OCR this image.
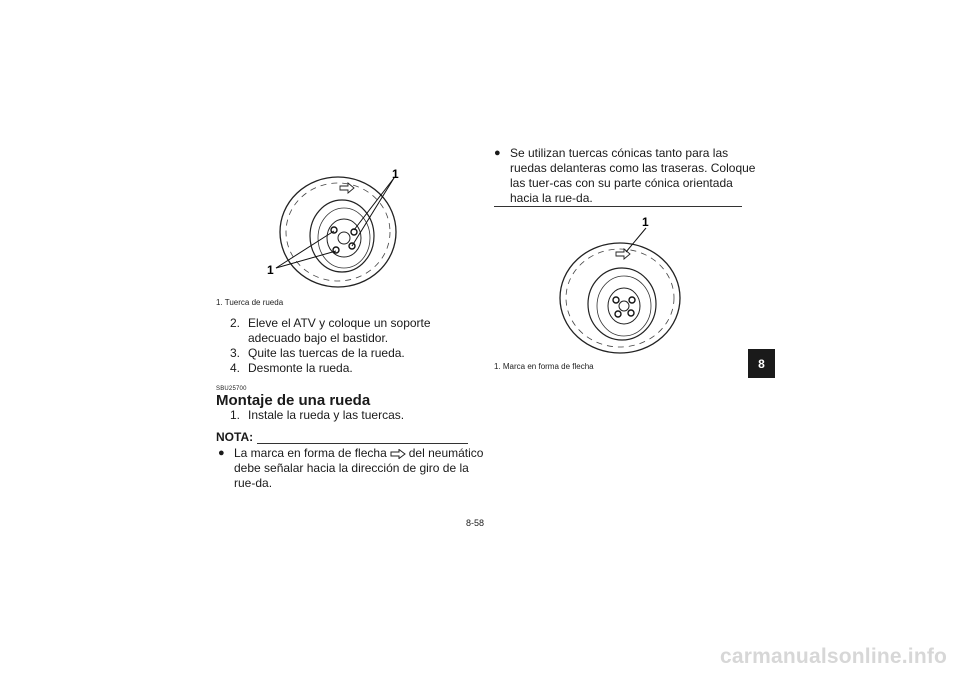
1
1
1. Tuerca de rueda
2. Eleve el ATV y coloque un soporte adecuado bajo el bastidor.
3. Quite las tuercas de la rueda.
4. Desmonte la rueda.
SBU25700
Montaje de una rueda
1. Instale la rueda y las tuercas.
NOTA:
● La marca en forma de flecha del neumático debe señalar hacia la dirección de giro de la rue-da.
● Se utilizan tuercas cónicas tanto para las ruedas delanteras como las traseras. Coloque las tuer-cas con su parte cónica orientada hacia la rue-da.
1
1. Marca en forma de flecha
8-58
8
carmanualsonline.info
